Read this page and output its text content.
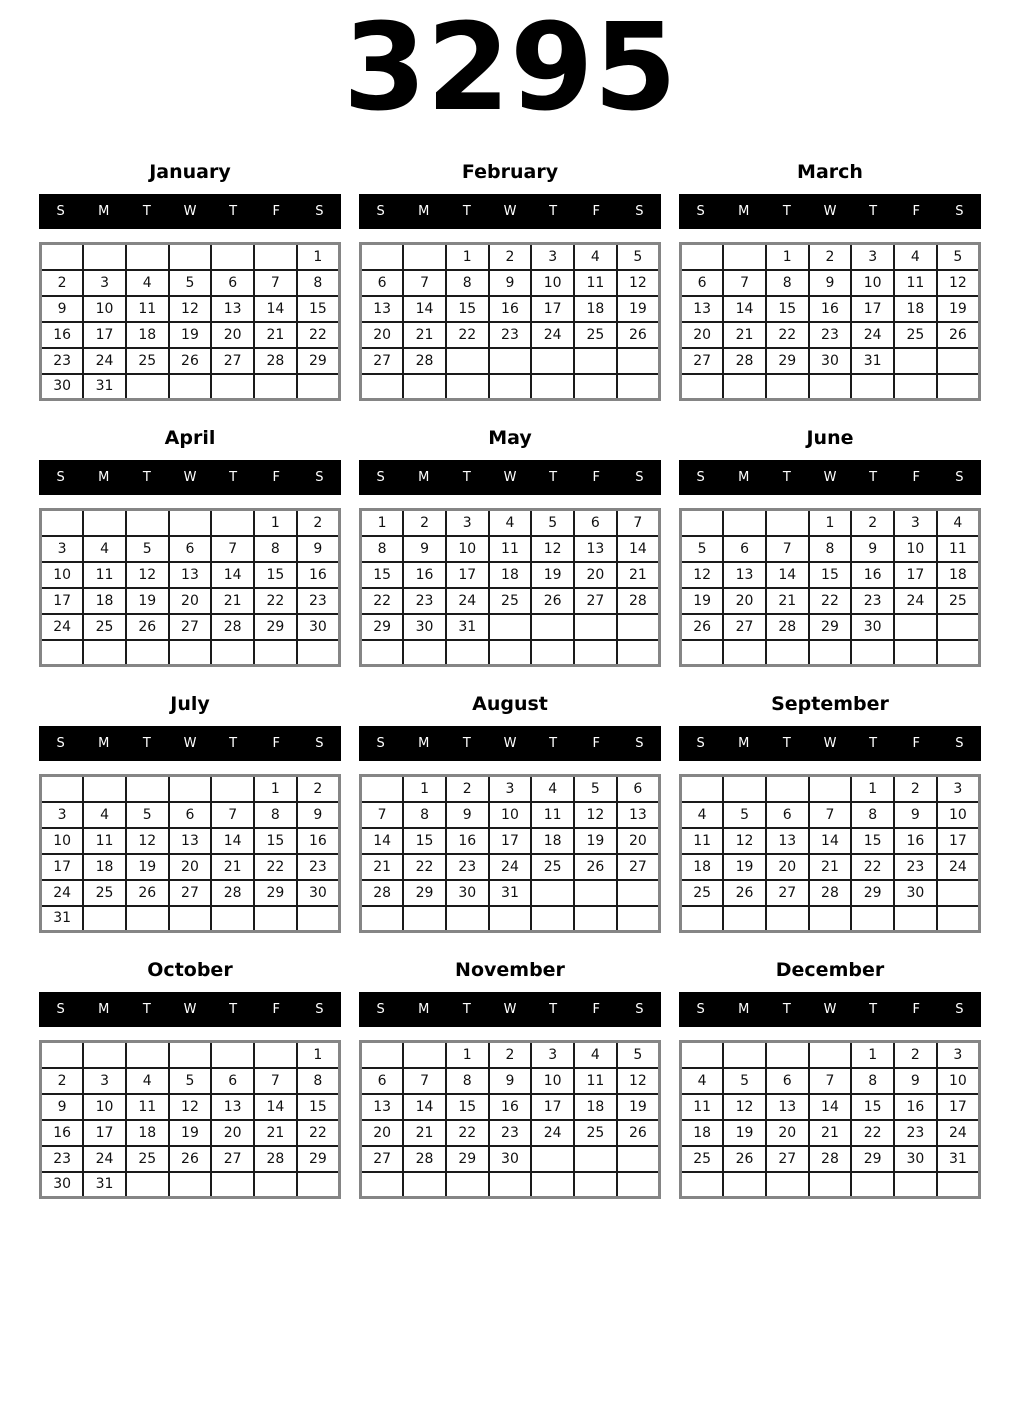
3295
January
S	M	T	W	T	F	S
						1
2	3	4	5	6	7	8
9	10	11	12	13	14	15
16	17	18	19	20	21	22
23	24	25	26	27	28	29
30	31					
February
S	M	T	W	T	F	S
		1	2	3	4	5
6	7	8	9	10	11	12
13	14	15	16	17	18	19
20	21	22	23	24	25	26
27	28					

March
S	M	T	W	T	F	S
		1	2	3	4	5
6	7	8	9	10	11	12
13	14	15	16	17	18	19
20	21	22	23	24	25	26
27	28	29	30	31		

April
S	M	T	W	T	F	S
					1	2
3	4	5	6	7	8	9
10	11	12	13	14	15	16
17	18	19	20	21	22	23
24	25	26	27	28	29	30

May
S	M	T	W	T	F	S
1	2	3	4	5	6	7
8	9	10	11	12	13	14
15	16	17	18	19	20	21
22	23	24	25	26	27	28
29	30	31				

June
S	M	T	W	T	F	S
			1	2	3	4
5	6	7	8	9	10	11
12	13	14	15	16	17	18
19	20	21	22	23	24	25
26	27	28	29	30		

July
S	M	T	W	T	F	S
					1	2
3	4	5	6	7	8	9
10	11	12	13	14	15	16
17	18	19	20	21	22	23
24	25	26	27	28	29	30
31						
August
S	M	T	W	T	F	S
	1	2	3	4	5	6
7	8	9	10	11	12	13
14	15	16	17	18	19	20
21	22	23	24	25	26	27
28	29	30	31			

September
S	M	T	W	T	F	S
				1	2	3
4	5	6	7	8	9	10
11	12	13	14	15	16	17
18	19	20	21	22	23	24
25	26	27	28	29	30	

October
S	M	T	W	T	F	S
						1
2	3	4	5	6	7	8
9	10	11	12	13	14	15
16	17	18	19	20	21	22
23	24	25	26	27	28	29
30	31					
November
S	M	T	W	T	F	S
		1	2	3	4	5
6	7	8	9	10	11	12
13	14	15	16	17	18	19
20	21	22	23	24	25	26
27	28	29	30			

December
S	M	T	W	T	F	S
				1	2	3
4	5	6	7	8	9	10
11	12	13	14	15	16	17
18	19	20	21	22	23	24
25	26	27	28	29	30	31
